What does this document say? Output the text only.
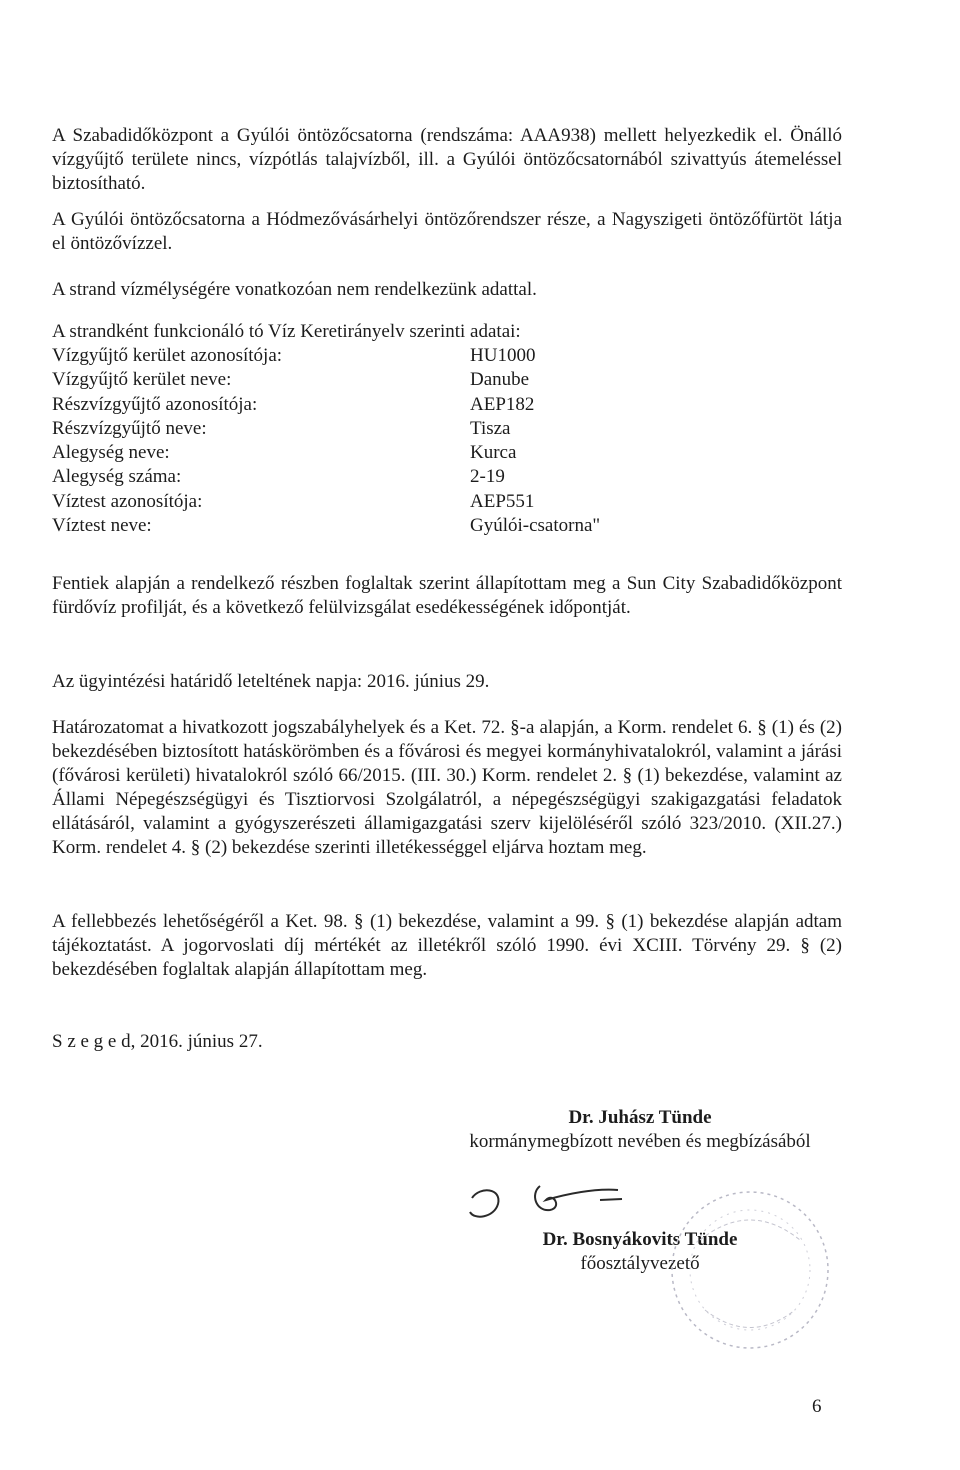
A Szabadidőközpont a Gyúlói öntözőcsatorna (rendszáma: AAA938) mellett helyezkedik el. Önálló vízgyűjtő területe nincs, vízpótlás talajvízből, ill. a Gyúlói öntözőcsatornából szivattyús átemeléssel biztosítható.

A Gyúlói öntözőcsatorna a Hódmezővásárhelyi öntözőrendszer része, a Nagyszigeti öntözőfürtöt látja el öntözővízzel.

A strand vízmélységére vonatkozóan nem rendelkezünk adattal.

A strandként funkcionáló tó Víz Keretirányelv szerinti adatai:
Vízgyűjtő kerület azonosítója:	HU1000
Vízgyűjtő kerület neve:	Danube
Részvízgyűjtő azonosítója:	AEP182
Részvízgyűjtő neve:	Tisza
Alegység neve:	Kurca
Alegység száma:	2-19
Víztest azonosítója:	AEP551
Víztest neve:	Gyúlói-csatorna"

Fentiek alapján a rendelkező részben foglaltak szerint állapítottam meg a Sun City Szabadidőközpont fürdővíz profilját, és a következő felülvizsgálat esedékességének időpontját.

Az ügyintézési határidő leteltének napja: 2016. június 29.

Határozatomat a hivatkozott jogszabályhelyek és a Ket. 72. §-a alapján, a Korm. rendelet 6. § (1) és (2) bekezdésében biztosított hatáskörömben és a fővárosi és megyei kormányhivatalokról, valamint a járási (fővárosi kerületi) hivatalokról szóló 66/2015. (III. 30.) Korm. rendelet 2. § (1) bekezdése, valamint az Állami Népegészségügyi és Tisztiorvosi Szolgálatról, a népegészségügyi szakigazgatási feladatok ellátásáról, valamint a gyógyszerészeti államigazgatási szerv kijelöléséről szóló 323/2010. (XII.27.) Korm. rendelet 4. § (2) bekezdése szerinti illetékességgel eljárva hoztam meg.

A fellebbezés lehetőségéről a Ket. 98. § (1) bekezdése, valamint a 99. § (1) bekezdése alapján adtam tájékoztatást. A jogorvoslati díj mértékét az illetékről szóló 1990. évi XCIII. Törvény 29. § (2) bekezdésében foglaltak alapján állapítottam meg.

S z e g e d, 2016. június 27.
Dr. Juhász Tünde
kormánymegbízott nevében és megbízásából
Dr. Bosnyákovits Tünde
főosztályvezető
6
